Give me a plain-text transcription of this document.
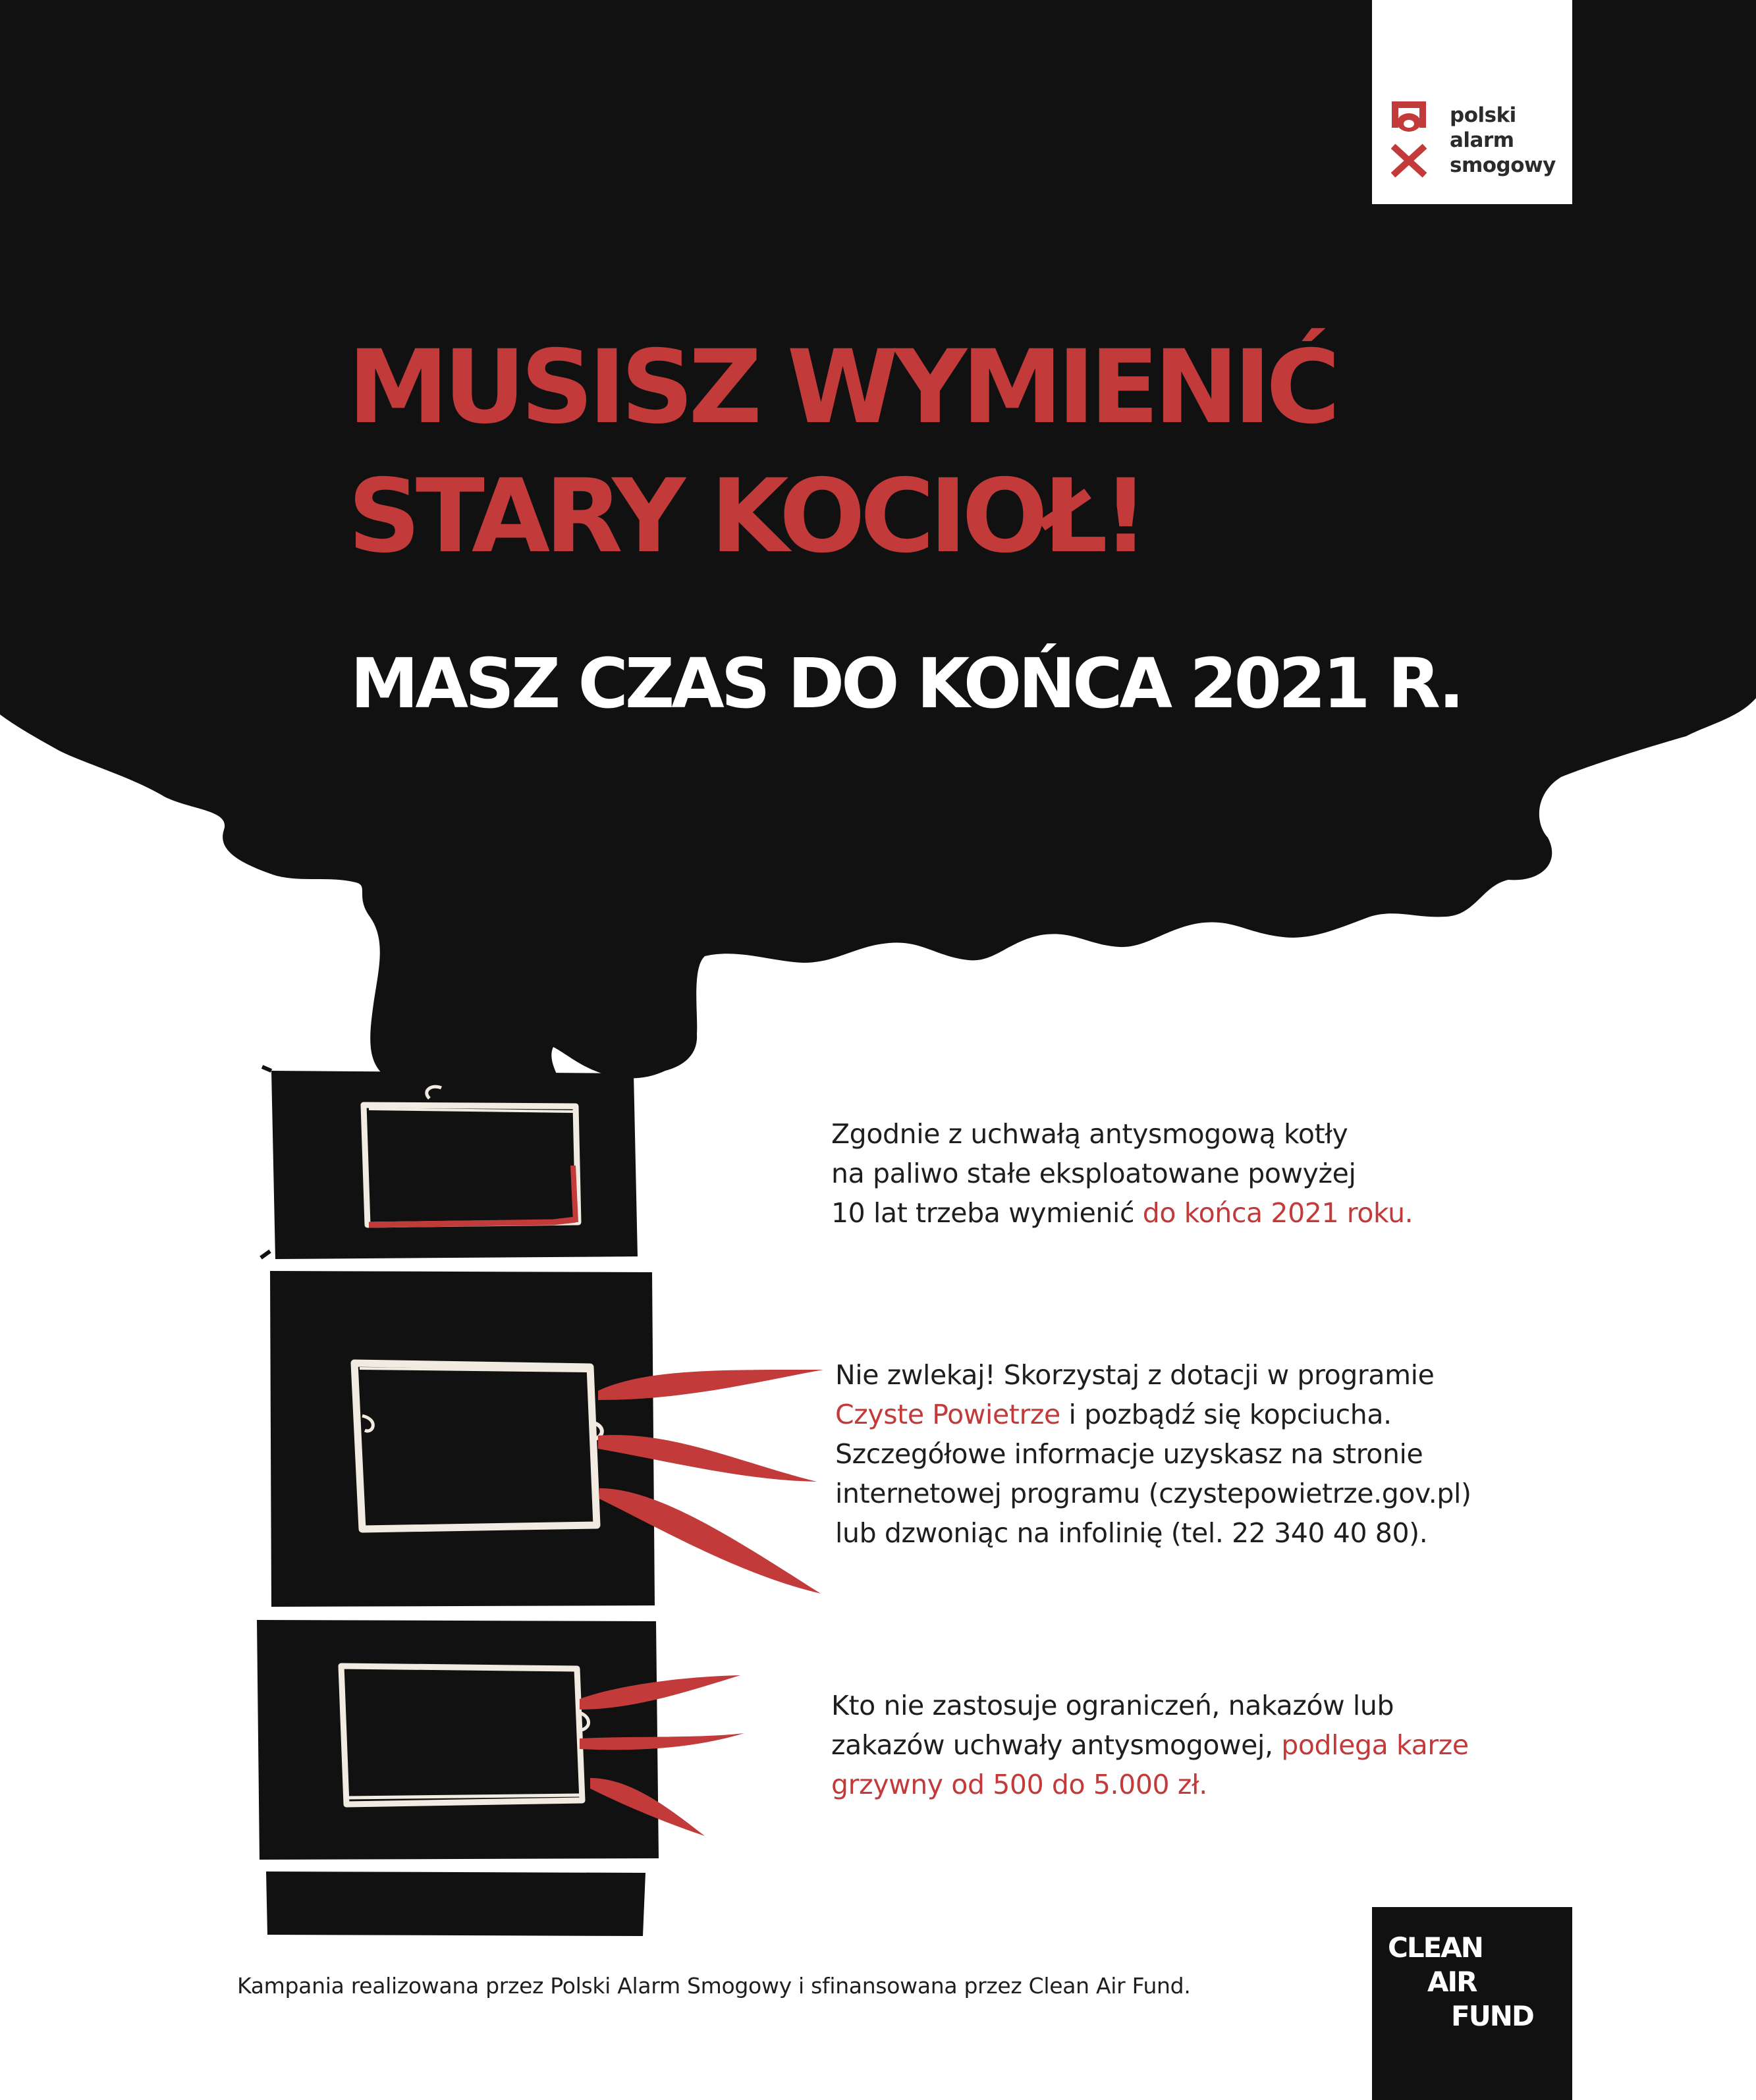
polski
alarm
smogowy
MUSISZ WYMIENIĆ
STARY KOCIOŁ!
MASZ CZAS DO KOŃCA 2021 R.
Zgodnie z uchwałą antysmogową kotły
na paliwo stałe eksploatowane powyżej
10 lat trzeba wymienić do końca 2021 roku.
Nie zwlekaj! Skorzystaj z dotacji w programie
Czyste Powietrze i pozbądź się kopciucha.
Szczegółowe informacje uzyskasz na stronie
internetowej programu (czystepowietrze.gov.pl)
lub dzwoniąc na infolinię (tel. 22 340 40 80).
Kto nie zastosuje ograniczeń, nakazów lub
zakazów uchwały antysmogowej, podlega karze
grzywny od 500 do 5.000 zł.

Kampania realizowana przez Polski Alarm Smogowy i sfinansowana przez Clean Air Fund.

CLEAN
AIR
FUND
